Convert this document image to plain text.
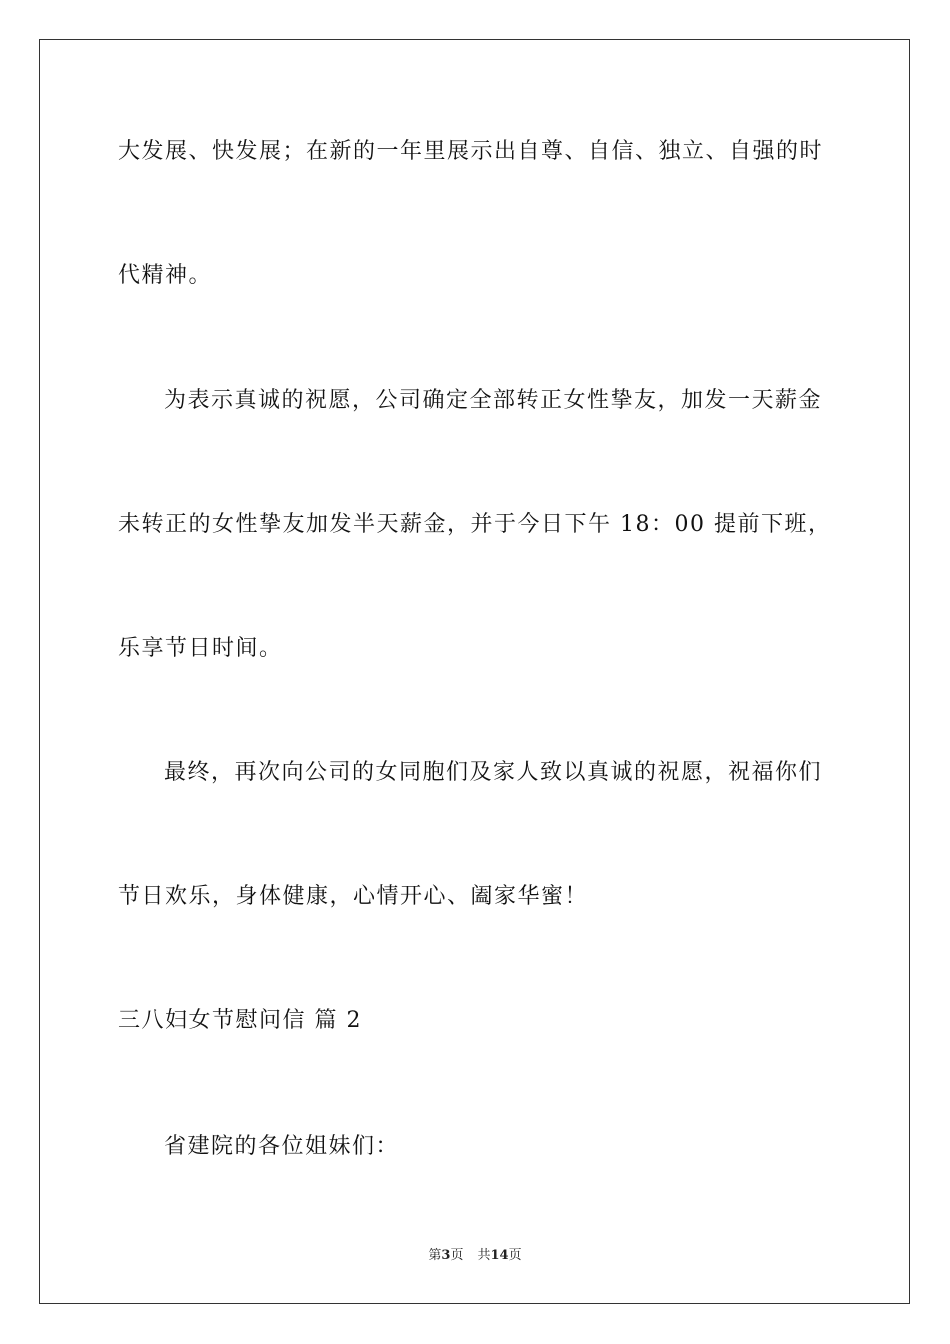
大发展、快发展；在新的一年里展示出自尊、自信、独立、自强的时
代精神。
为表示真诚的祝愿，公司确定全部转正女性挚友，加发一天薪金
未转正的女性挚友加发半天薪金，并于今日下午 18：00 提前下班，
乐享节日时间。
最终，再次向公司的女同胞们及家人致以真诚的祝愿，祝福你们
节日欢乐，身体健康，心情开心、阖家华蜜！
三八妇女节慰问信 篇 2
省建院的各位姐妹们：
第3页 共14页
